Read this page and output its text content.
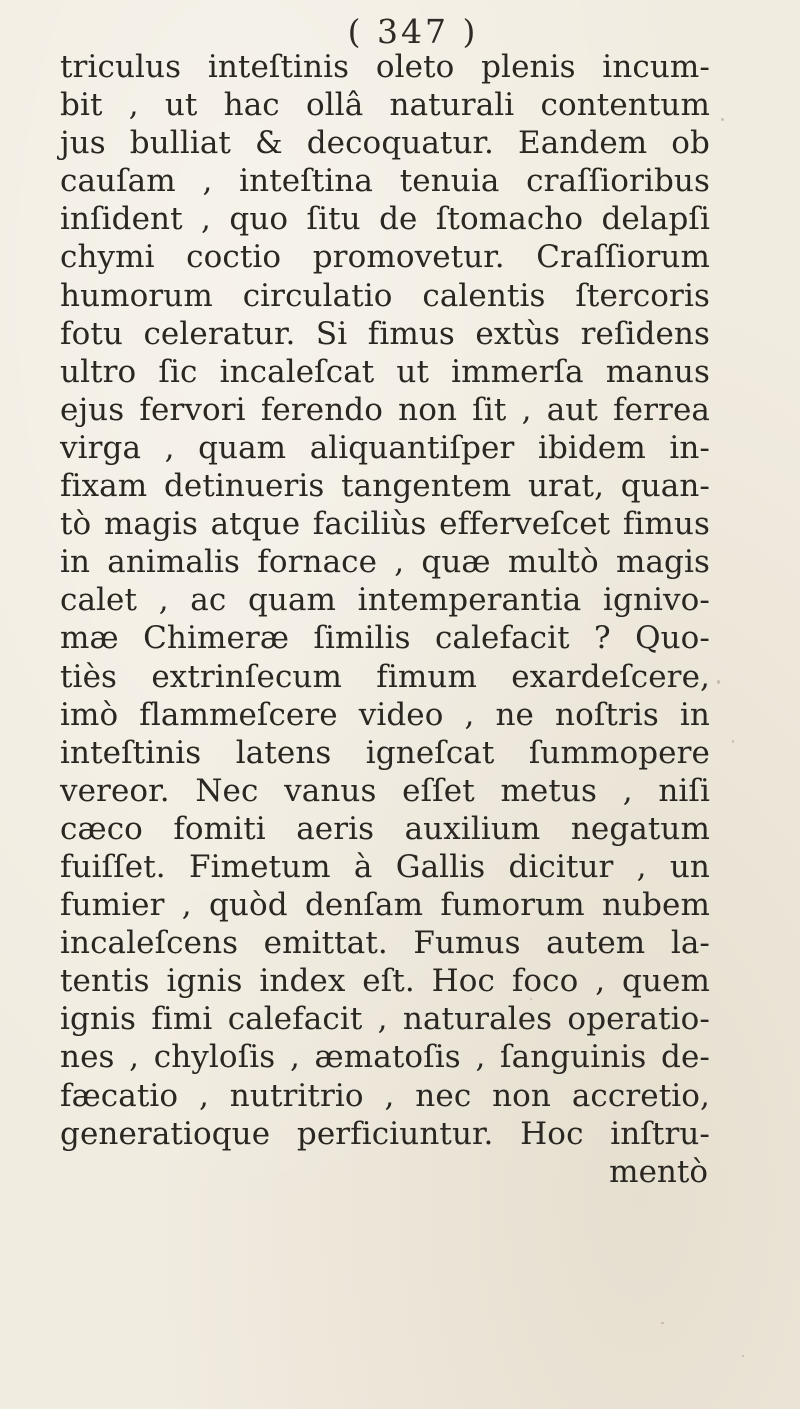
( 347 )
triculus inteſtinis oleto plenis incum-
bit , ut hac ollâ naturali contentum
jus bulliat & decoquatur. Eandem ob
cauſam , inteſtina tenuia craſſioribus
inſident , quo ſitu de ſtomacho delapſi
chymi coctio promovetur. Craſſiorum
humorum circulatio calentis ſtercoris
fotu celeratur. Si fimus extùs reſidens
ultro ſic incaleſcat ut immerſa manus
ejus fervori ferendo non ſit , aut ferrea
virga , quam aliquantiſper ibidem in-
fixam detinueris tangentem urat, quan-
tò magis atque faciliùs efferveſcet fimus
in animalis fornace , quæ multò magis
calet , ac quam intemperantia ignivo-
mæ Chimeræ ſimilis calefacit ? Quo-
tiès extrinſecum fimum exardeſcere,
imò flammeſcere video , ne noſtris in
inteſtinis latens igneſcat ſummopere
vereor. Nec vanus eſſet metus , niſi
cæco fomiti aeris auxilium negatum
fuiſſet. Fimetum à Gallis dicitur , un
fumier , quòd denſam fumorum nubem
incaleſcens emittat. Fumus autem la-
tentis ignis index eſt. Hoc foco , quem
ignis fimi calefacit , naturales operatio-
nes , chyloſis , æmatoſis , ſanguinis de-
fæcatio , nutritrio , nec non accretio,
generatioque perficiuntur. Hoc inſtru-
mentò
